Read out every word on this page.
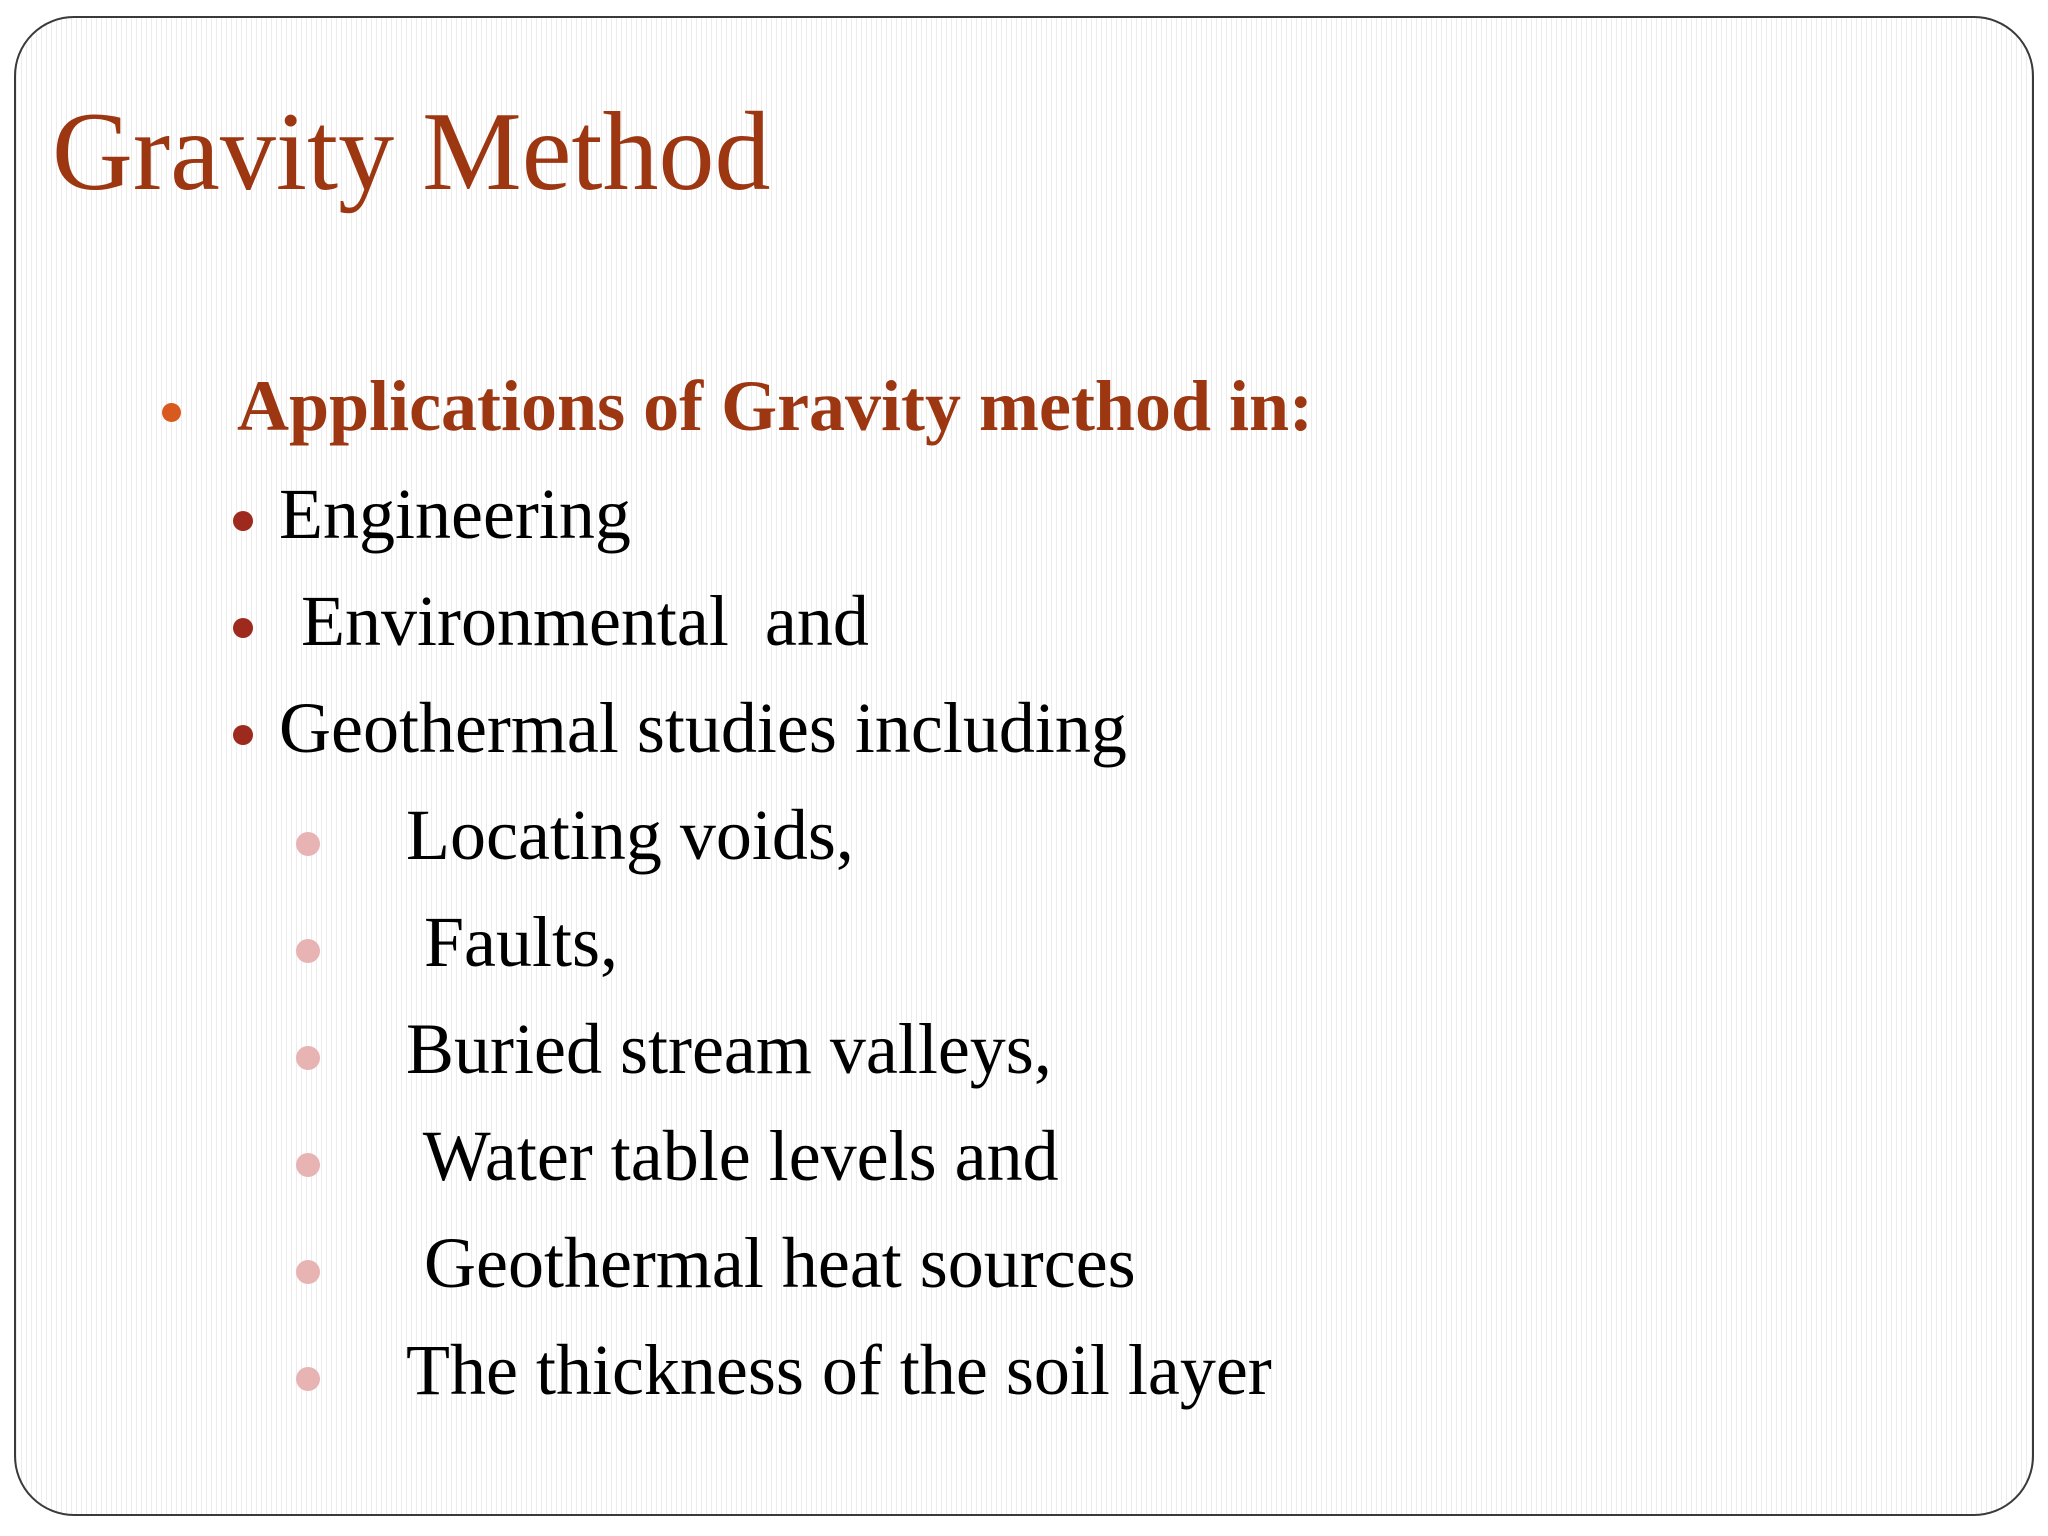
Gravity Method
Applications of Gravity method in:
Engineering
Environmental  and
Geothermal studies including
Locating voids,
Faults,
Buried stream valleys,
Water table levels and
Geothermal heat sources
The thickness of the soil layer
